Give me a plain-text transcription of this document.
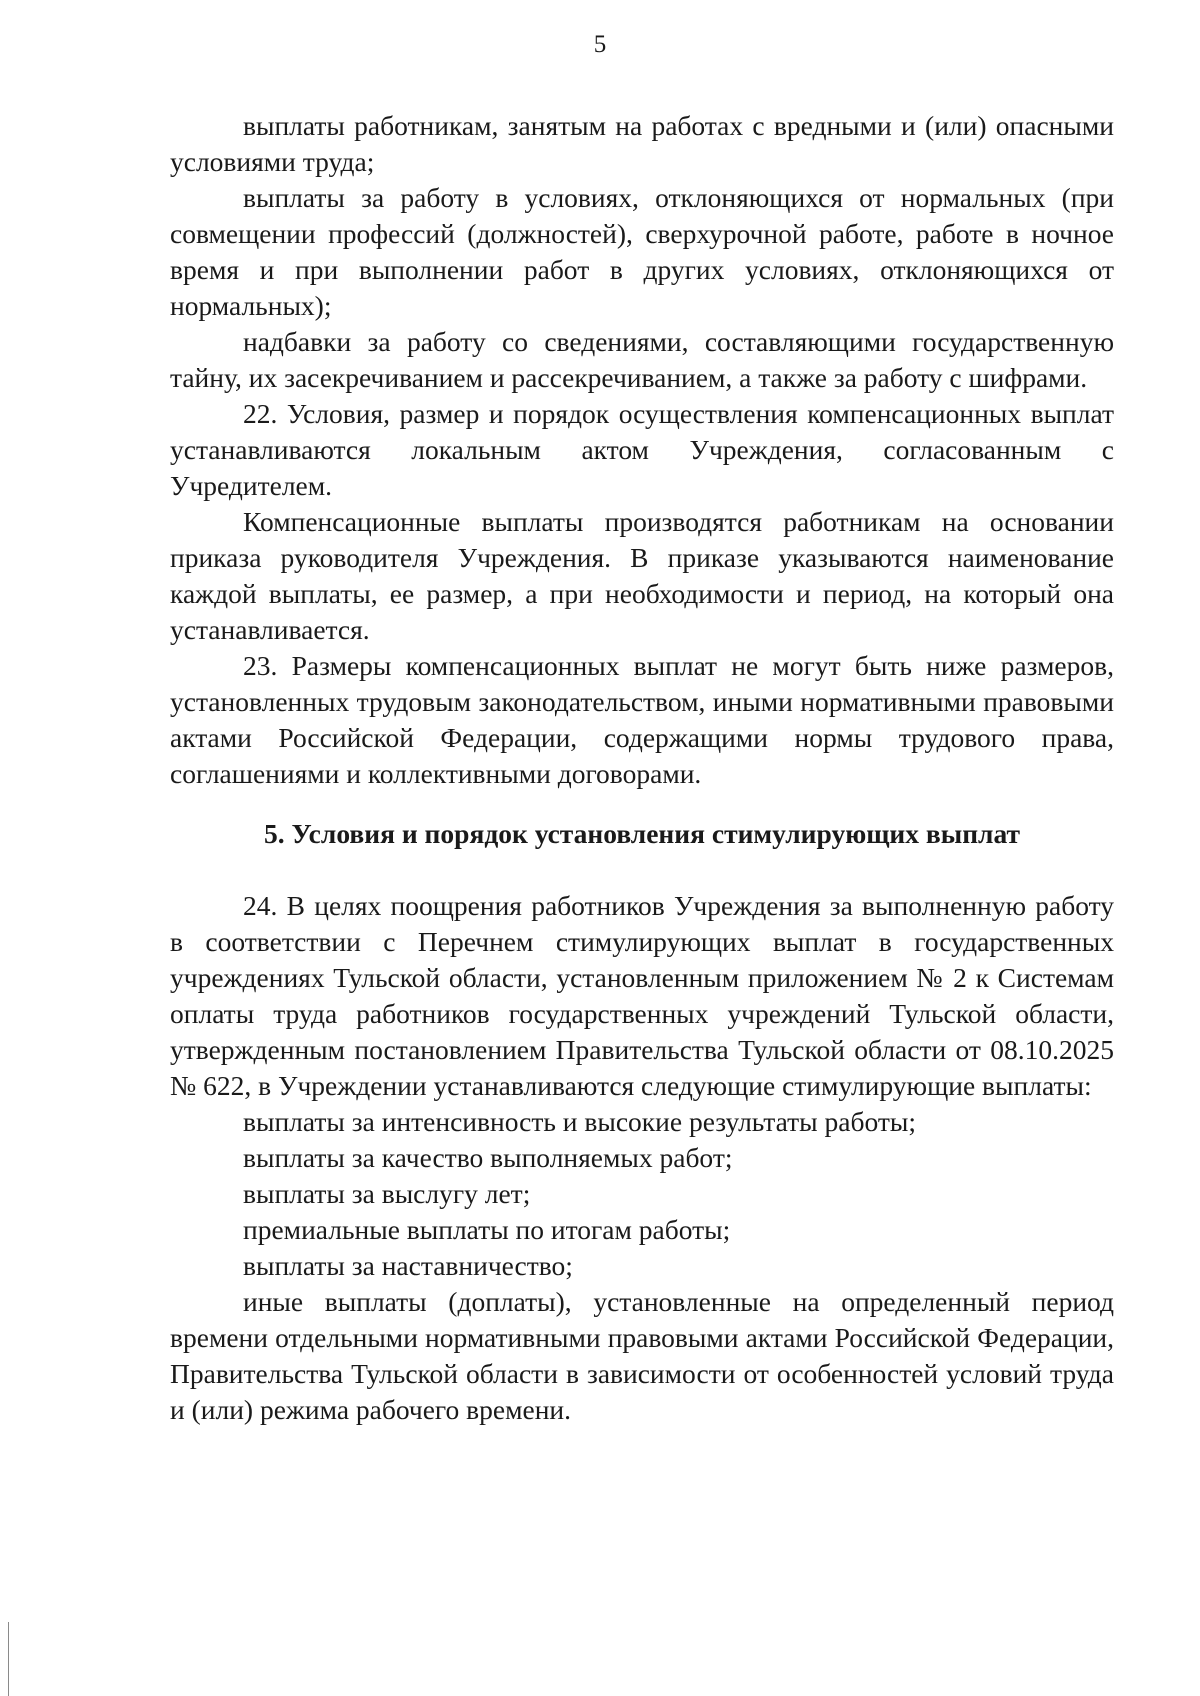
5

выплаты работникам, занятым на работах с вредными и (или) опасными условиями труда;

выплаты за работу в условиях, отклоняющихся от нормальных (при совмещении профессий (должностей), сверхурочной работе, работе в ночное время и при выполнении работ в других условиях, отклоняющихся от нормальных);

надбавки за работу со сведениями, составляющими государственную тайну, их засекречиванием и рассекречиванием, а также за работу с шифрами.

22. Условия, размер и порядок осуществления компенсационных выплат устанавливаются локальным актом Учреждения, согласованным с Учредителем.

Компенсационные выплаты производятся работникам на основании приказа руководителя Учреждения. В приказе указываются наименование каждой выплаты, ее размер, а при необходимости и период, на который она устанавливается.

23. Размеры компенсационных выплат не могут быть ниже размеров, установленных трудовым законодательством, иными нормативными правовыми актами Российской Федерации, содержащими нормы трудового права, соглашениями и коллективными договорами.

5. Условия и порядок установления стимулирующих выплат

24. В целях поощрения работников Учреждения за выполненную работу в соответствии с Перечнем стимулирующих выплат в государственных учреждениях Тульской области, установленным приложением № 2 к Системам оплаты труда работников государственных учреждений Тульской области, утвержденным постановлением Правительства Тульской области от 08.10.2025 № 622, в Учреждении устанавливаются следующие стимулирующие выплаты:

выплаты за интенсивность и высокие результаты работы;

выплаты за качество выполняемых работ;

выплаты за выслугу лет;

премиальные выплаты по итогам работы;

выплаты за наставничество;

иные выплаты (доплаты), установленные на определенный период времени отдельными нормативными правовыми актами Российской Федерации, Правительства Тульской области в зависимости от особенностей условий труда и (или) режима рабочего времени.
